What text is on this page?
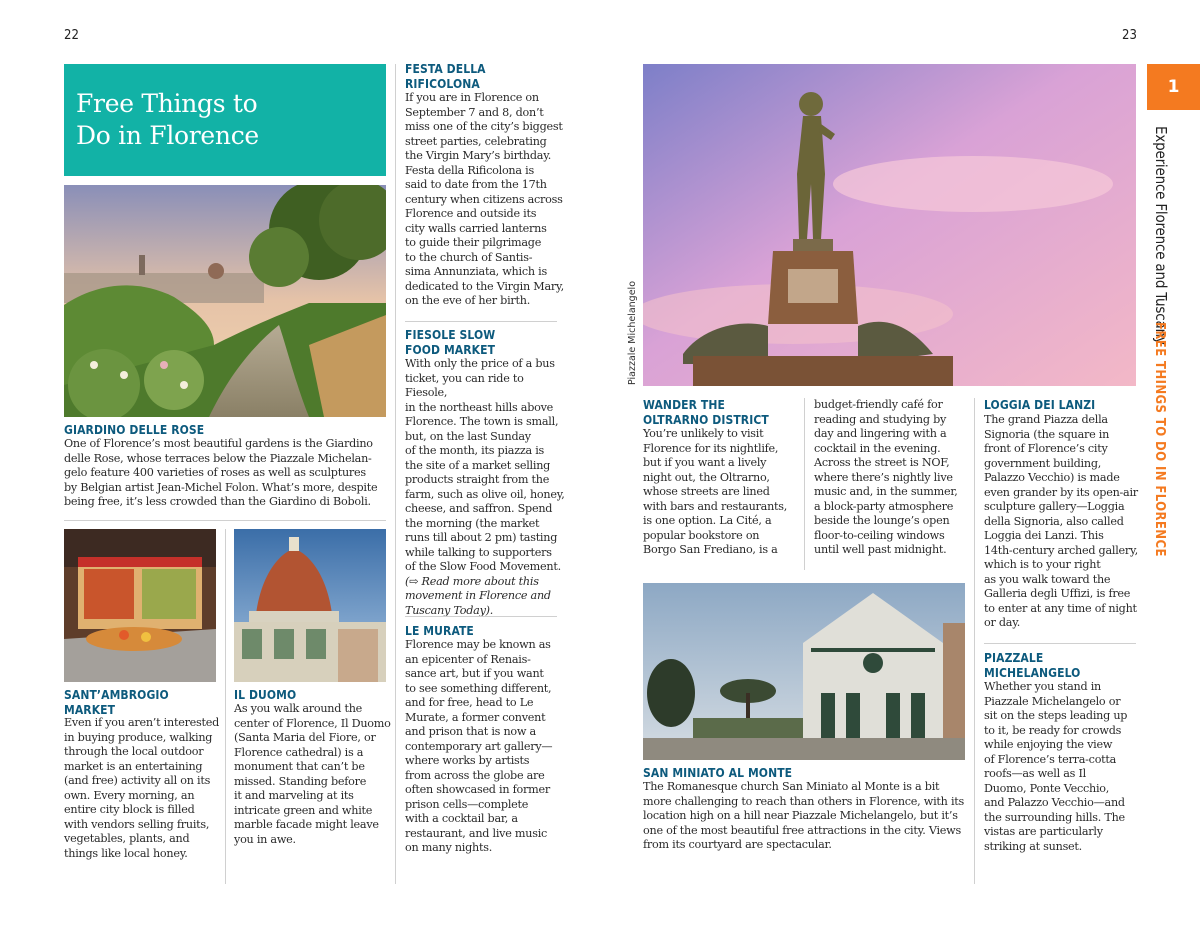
22	23
Free Things to
Do in Florence
GIARDINO DELLE ROSE
One of Florence’s most beautiful gardens is the Giardino
delle Rose, whose terraces below the Piazzale Michelan-
gelo feature 400 varieties of roses as well as sculptures
by Belgian artist Jean-Michel Folon. What’s more, despite
being free, it’s less crowded than the Giardino di Boboli.
SANT’AMBROGIO
MARKET
Even if you aren’t interested
in buying produce, walking
through the local outdoor
market is an entertaining
(and free) activity all on its
own. Every morning, an
entire city block is filled
with vendors selling fruits,
vegetables, plants, and
things like local honey.
IL DUOMO
As you walk around the
center of Florence, Il Duomo
(Santa Maria del Fiore, or
Florence cathedral) is a
monument that can’t be
missed. Standing before
it and marveling at its
intricate green and white
marble facade might leave
you in awe.
FESTA DELLA
RIFICOLONA
If you are in Florence on
September 7 and 8, don’t
miss one of the city’s biggest
street parties, celebrating
the Virgin Mary’s birthday.
Festa della Rificolona is
said to date from the 17th
century when citizens across
Florence and outside its
city walls carried lanterns
to guide their pilgrimage
to the church of Santis-
sima Annunziata, which is
dedicated to the Virgin Mary,
on the eve of her birth.
FIESOLE SLOW
FOOD MARKET
With only the price of a bus
ticket, you can ride to Fiesole,
in the northeast hills above
Florence. The town is small,
but, on the last Sunday
of the month, its piazza is
the site of a market selling
products straight from the
farm, such as olive oil, honey,
cheese, and saffron. Spend
the morning (the market
runs till about 2 pm) tasting
while talking to supporters
of the Slow Food Movement.
(⇨ Read more about this
movement in Florence and
Tuscany Today).
LE MURATE
Florence may be known as
an epicenter of Renais-
sance art, but if you want
to see something different,
and for free, head to Le
Murate, a former convent
and prison that is now a
contemporary art gallery—
where works by artists
from across the globe are
often showcased in former
prison cells—complete
with a cocktail bar, a
restaurant, and live music
on many nights.
Piazzale Michelangelo
WANDER THE
OLTRARNO DISTRICT
You’re unlikely to visit
Florence for its nightlife,
but if you want a lively
night out, the Oltrarno,
whose streets are lined
with bars and restaurants,
is one option. La Cité, a
popular bookstore on
Borgo San Frediano, is a
budget-friendly café for
reading and studying by
day and lingering with a
cocktail in the evening.
Across the street is NOF,
where there’s nightly live
music and, in the summer,
a block-party atmosphere
beside the lounge’s open
floor-to-ceiling windows
until well past midnight.
SAN MINIATO AL MONTE
The Romanesque church San Miniato al Monte is a bit
more challenging to reach than others in Florence, with its
location high on a hill near Piazzale Michelangelo, but it’s
one of the most beautiful free attractions in the city. Views
from its courtyard are spectacular.
LOGGIA DEI LANZI
The grand Piazza della
Signoria (the square in
front of Florence’s city
government building,
Palazzo Vecchio) is made
even grander by its open-air
sculpture gallery—Loggia
della Signoria, also called
Loggia dei Lanzi. This
14th-century arched gallery,
which is to your right
as you walk toward the
Galleria degli Uffizi, is free
to enter at any time of night
or day.
PIAZZALE
MICHELANGELO
Whether you stand in
Piazzale Michelangelo or
sit on the steps leading up
to it, be ready for crowds
while enjoying the view
of Florence’s terra-cotta
roofs—as well as Il
Duomo, Ponte Vecchio,
and Palazzo Vecchio—and
the surrounding hills. The
vistas are particularly
striking at sunset.
1
Experience Florence and Tuscany
FREE THINGS TO DO IN FLORENCE
